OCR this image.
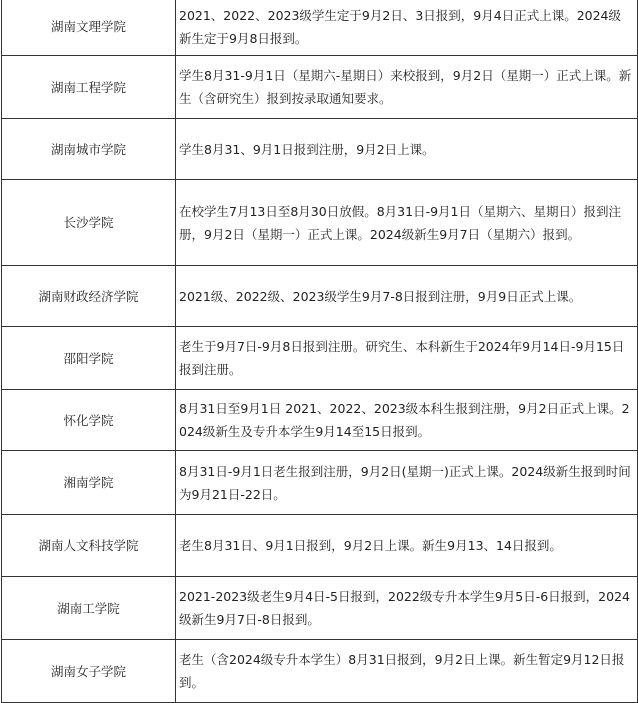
湖南文理学院	2021、2022、2023级学生定于9月2日、3日报到，9月4日正式上课。2024级新生定于9月8日报到。
湖南工程学院	学生8月31-9月1日（星期六-星期日）来校报到，9月2日（星期一）正式上课。新生（含研究生）报到按录取通知要求。
湖南城市学院	学生8月31、9月1日报到注册，9月2日上课。
长沙学院	在校学生7月13日至8月30日放假。8月31日-9月1日（星期六、星期日）报到注册，9月2日（星期一）正式上课。2024级新生9月7日（星期六）报到。
湖南财政经济学院	2021级、2022级、2023级学生9月7-8日报到注册，9月9日正式上课。
邵阳学院	老生于9月7日-9月8日报到注册。研究生、本科新生于2024年9月14日-9月15日报到注册。
怀化学院	8月31日至9月1日 2021、2022、2023级本科生报到注册，9月2日正式上课。2024级新生及专升本学生9月14至15日报到。
湘南学院	8月31日-9月1日老生报到注册，9月2日(星期一)正式上课。2024级新生报到时间为9月21日-22日。
湖南人文科技学院	老生8月31日、9月1日报到，9月2日上课。新生9月13、14日报到。
湖南工学院	2021-2023级老生9月4日-5日报到，2022级专升本学生9月5日-6日报到，2024级新生9月7日-8日报到。
湖南女子学院	老生（含2024级专升本学生）8月31日报到，9月2日上课。新生暂定9月12日报到。
